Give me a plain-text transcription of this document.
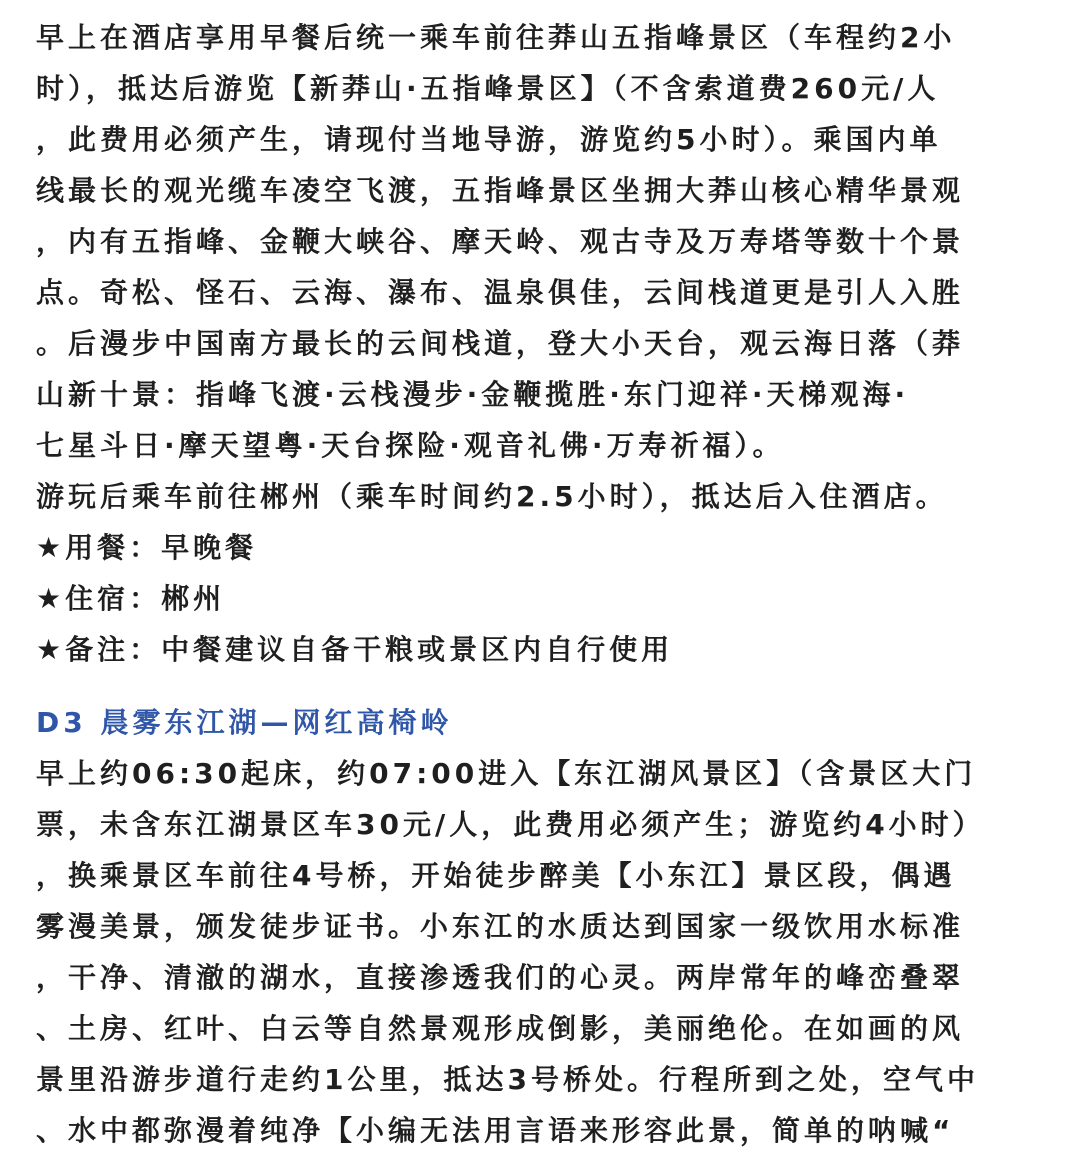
早上在酒店享用早餐后统一乘车前往莽山五指峰景区（车程约2小
时），抵达后游览【新莽山·五指峰景区】（不含索道费260元/人
，此费用必须产生，请现付当地导游，游览约5小时）。乘国内单
线最长的观光缆车凌空飞渡，五指峰景区坐拥大莽山核心精华景观
，内有五指峰、金鞭大峡谷、摩天岭、观古寺及万寿塔等数十个景
点。奇松、怪石、云海、瀑布、温泉俱佳，云间栈道更是引人入胜
。后漫步中国南方最长的云间栈道，登大小天台，观云海日落（莽
山新十景：指峰飞渡·云栈漫步·金鞭揽胜·东门迎祥·天梯观海·
七星斗日·摩天望粤·天台探险·观音礼佛·万寿祈福）。
游玩后乘车前往郴州（乘车时间约2.5小时），抵达后入住酒店。
★用餐：早晚餐
★住宿：郴州
★备注：中餐建议自备干粮或景区内自行使用
D3 晨雾东江湖—网红高椅岭
早上约06:30起床，约07:00进入【东江湖风景区】（含景区大门
票，未含东江湖景区车30元/人，此费用必须产生；游览约4小时）
，换乘景区车前往4号桥，开始徒步醉美【小东江】景区段，偶遇
雾漫美景，颁发徒步证书。小东江的水质达到国家一级饮用水标准
，干净、清澈的湖水，直接渗透我们的心灵。两岸常年的峰峦叠翠
、土房、红叶、白云等自然景观形成倒影，美丽绝伦。在如画的风
景里沿游步道行走约1公里，抵达3号桥处。行程所到之处，空气中
、水中都弥漫着纯净【小编无法用言语来形容此景，简单的呐喊“
